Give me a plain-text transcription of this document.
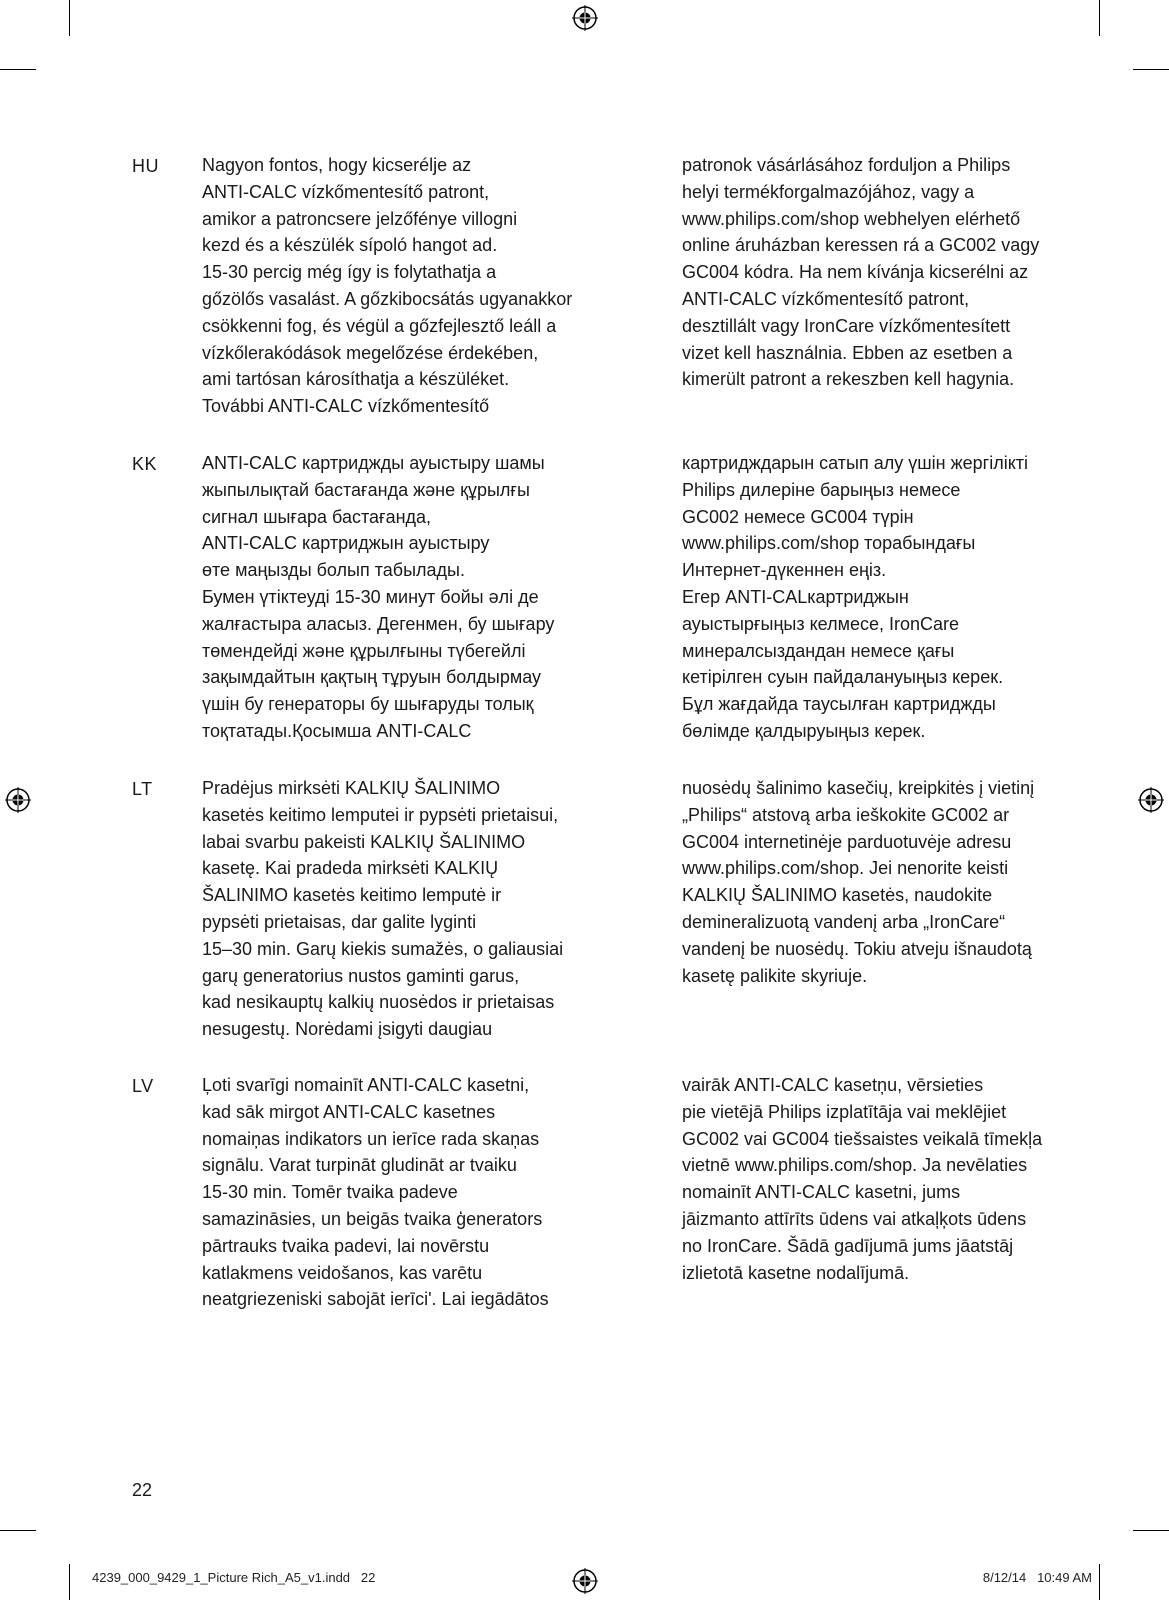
HU Nagyon fontos, hogy kicserélje az

ANTI-CALC vízkőmentesítő patront,

amikor a patroncsere jelzőfénye villogni

kezd és a készülék sípoló hangot ad.

15-30 percig még így is folytathatja a

gőzölős vasalást. A gőzkibocsátás ugyanakkor

csökkenni fog, és végül a gőzfejlesztő leáll a

vízkőlerakódások megelőzése érdekében,

ami tartósan károsíthatja a készüléket.

További ANTI-CALC vízkőmentesítő

patronok vásárlásához forduljon a Philips

helyi termékforgalmazójához, vagy a

www.philips.com/shop webhelyen elérhető

online áruházban keressen rá a GC002 vagy

GC004 kódra. Ha nem kívánja kicserélni az

ANTI-CALC vízkőmentesítő patront,

desztillált vagy IronCare vízkőmentesített

vizet kell használnia. Ebben az esetben a

kimerült patront a rekeszben kell hagynia.

KK ANTI-CALC картриджды ауыстыру шамы

жыпылықтай бастағанда және құрылғы

сигнал шығара бастағанда,

ANTI-CALC картриджын ауыстыру

өте маңызды болып табылады.

Бумен үтіктеуді 15-30 минут бойы әлі де

жалғастыра аласыз. Дегенмен, бу шығару

төмендейді және құрылғыны түбегейлі

зақымдайтын қақтың тұруын болдырмау

үшін бу генераторы бу шығаруды толық

тоқтатады.Қосымша ANTI-CALC

картридждарын сатып алу үшін жергілікті

Philips дилеріне барыңыз немесе

GC002 немесе GC004 түрін

www.philips.com/shop торабындағы

Интернет-дүкеннен еңіз.

Егер ANTI-CALкартриджын

ауыстырғыңыз келмесе, IronCare

минералсыздандан немесе қағы

кетірілген суын пайдалануыңыз керек.

Бұл жағдайда таусылған картриджды

бөлімде қалдыруыңыз керек.

LT	Pradėjus mirksėti KALKIŲ ŠALINIMO

kasetės keitimo lemputei ir pypsėti prietaisui,

labai svarbu pakeisti KALKIŲ ŠALINIMO

kasetę. Kai pradeda mirksėti KALKIŲ

ŠALINIMO kasetės keitimo lemputė ir

pypsėti prietaisas, dar galite lyginti

15–30 min. Garų kiekis sumažės, o galiausiai

garų generatorius nustos gaminti garus,

kad nesikauptų kalkių nuosėdos ir prietaisas

nesugestų. Norėdami įsigyti daugiau

nuosėdų šalinimo kasečių, kreipkitės į vietinį

„Philips“ atstovą arba ieškokite GC002 ar

GC004 internetinėje parduotuvėje adresu

www.philips.com/shop. Jei nenorite keisti

KALKIŲ ŠALINIMO kasetės, naudokite

demineralizuotą vandenį arba „IronCare“

vandenį be nuosėdų. Tokiu atveju išnaudotą

kasetę palikite skyriuje.

LV	Ļoti svarīgi nomainīt ANTI-CALC kasetni,

kad sāk mirgot ANTI-CALC kasetnes

nomaiņas indikators un ierīce rada skaņas

signālu. Varat turpināt gludināt ar tvaiku

15-30 min. Tomēr tvaika padeve

samazināsies, un beigās tvaika ģenerators

pārtrauks tvaika padevi, lai novērstu

katlakmens veidošanos, kas varētu

neatgriezeniski sabojāt ierīci'. Lai iegādātos

vairāk ANTI-CALC kasetņu, vērsieties

pie vietējā Philips izplatītāja vai meklējiet

GC002 vai GC004 tiešsaistes veikalā tīmekļa

vietnē www.philips.com/shop. Ja nevēlaties

nomainīt ANTI-CALC kasetni, jums

jāizmanto attīrīts ūdens vai atkaļķots ūdens

no IronCare. Šādā gadījumā jums jāatstāj

izlietotā kasetne nodalījumā.

22
4239_000_9429_1_Picture Rich_A5_v1.indd   22	8/12/14   10:49 AM
